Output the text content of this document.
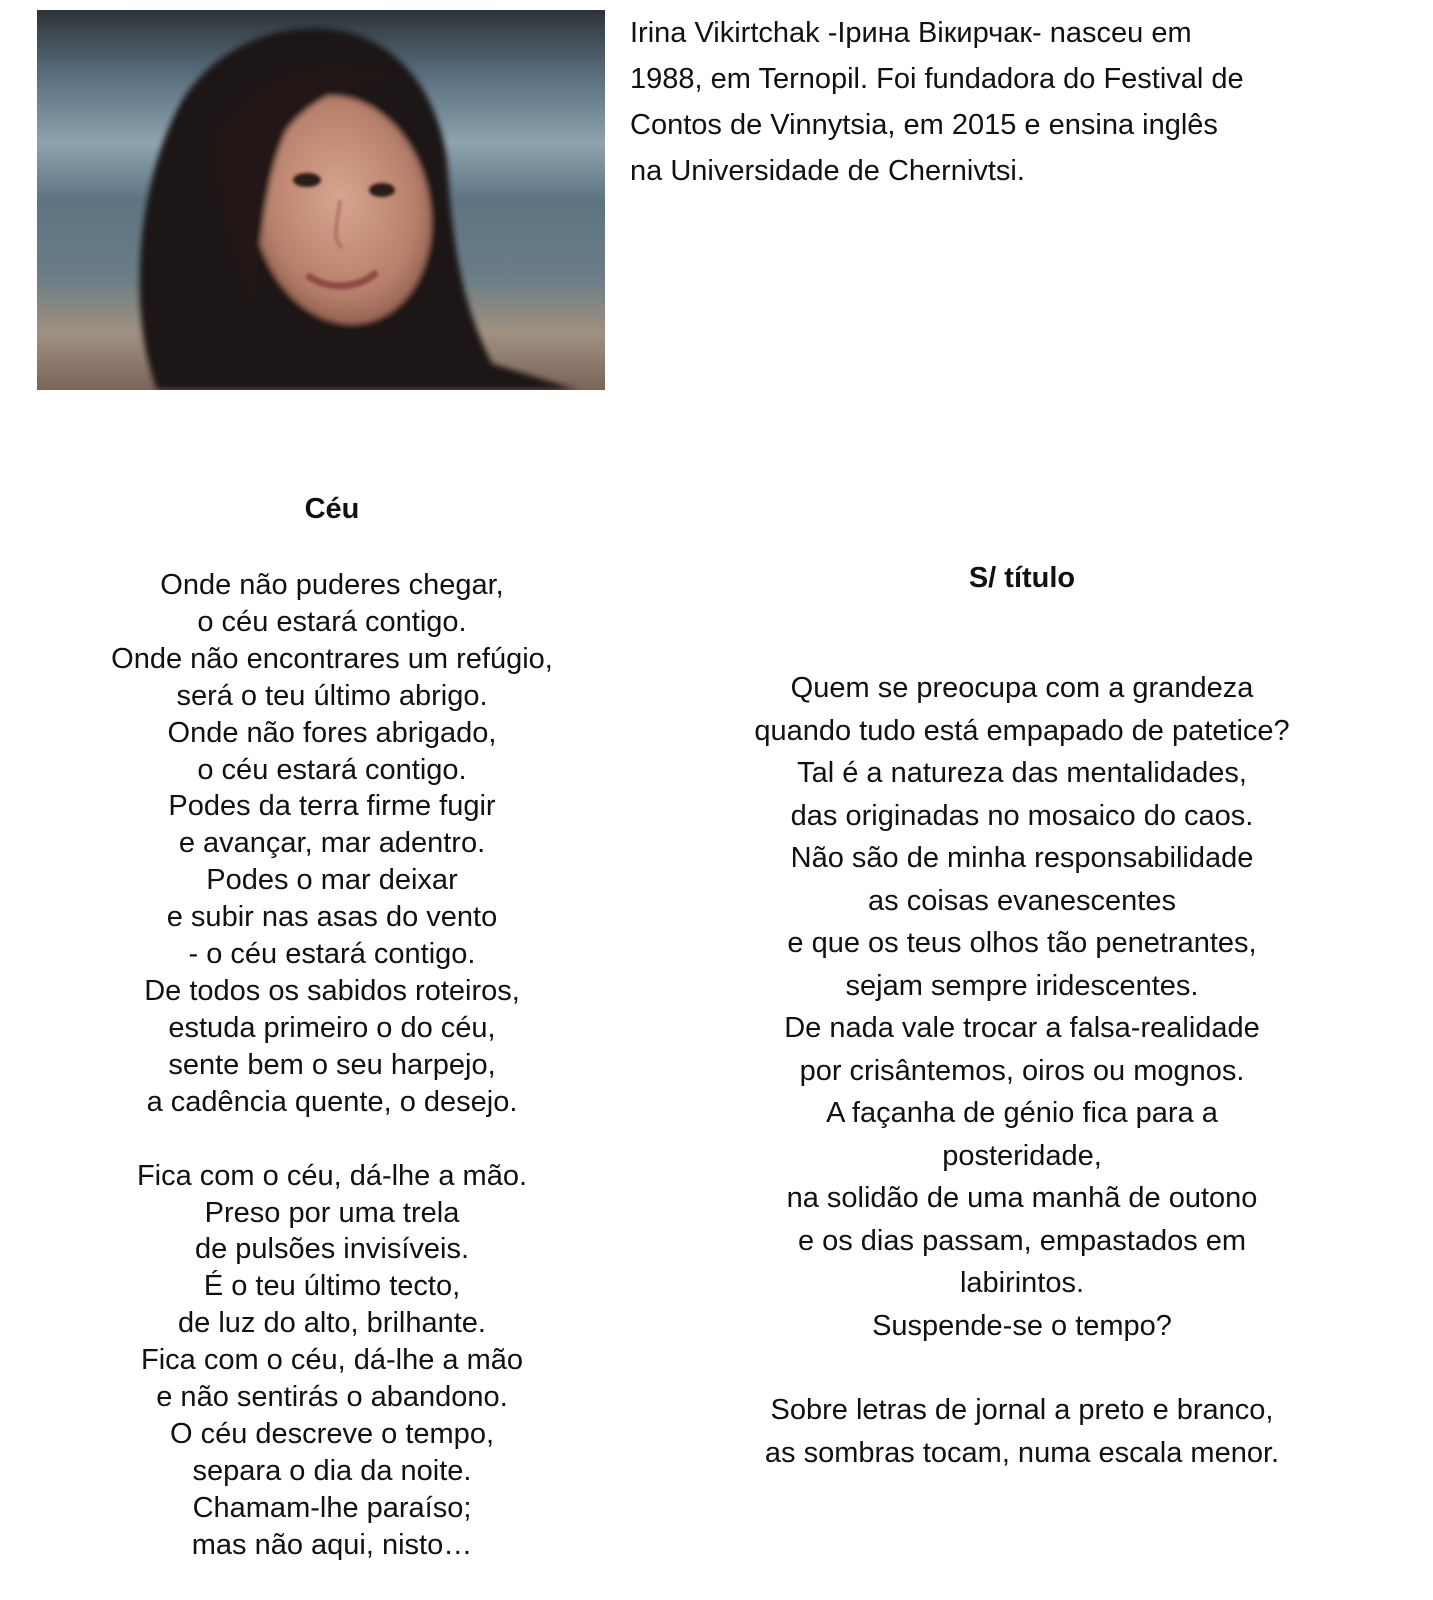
Irina Vikirtchak -Ірина Вікирчак- nasceu em
1988, em Ternopil. Foi fundadora do Festival de
Contos de Vinnytsia, em 2015 e ensina inglês
na Universidade de Chernivtsi.

Céu
Onde não puderes chegar,
o céu estará contigo.
Onde não encontrares um refúgio,
será o teu último abrigo.
Onde não fores abrigado,
o céu estará contigo.
Podes da terra firme fugir
e avançar, mar adentro.
Podes o mar deixar
e subir nas asas do vento
- o céu estará contigo.
De todos os sabidos roteiros,
estuda primeiro o do céu,
sente bem o seu harpejo,
a cadência quente, o desejo.
Fica com o céu, dá-lhe a mão.
Preso por uma trela
de pulsões invisíveis.
É o teu último tecto,
de luz do alto, brilhante.
Fica com o céu, dá-lhe a mão
e não sentirás o abandono.
O céu descreve o tempo,
separa o dia da noite.
Chamam-lhe paraíso;
mas não aqui, nisto…
S/ título
Quem se preocupa com a grandeza
quando tudo está empapado de patetice?
Tal é a natureza das mentalidades,
das originadas no mosaico do caos.
Não são de minha responsabilidade
as coisas evanescentes
e que os teus olhos tão penetrantes,
sejam sempre iridescentes.
De nada vale trocar a falsa-realidade
por crisântemos, oiros ou mognos.
A façanha de génio fica para a
posteridade,
na solidão de uma manhã de outono
e os dias passam, empastados em
labirintos.
Suspende-se o tempo?
Sobre letras de jornal a preto e branco,
as sombras tocam, numa escala menor.
